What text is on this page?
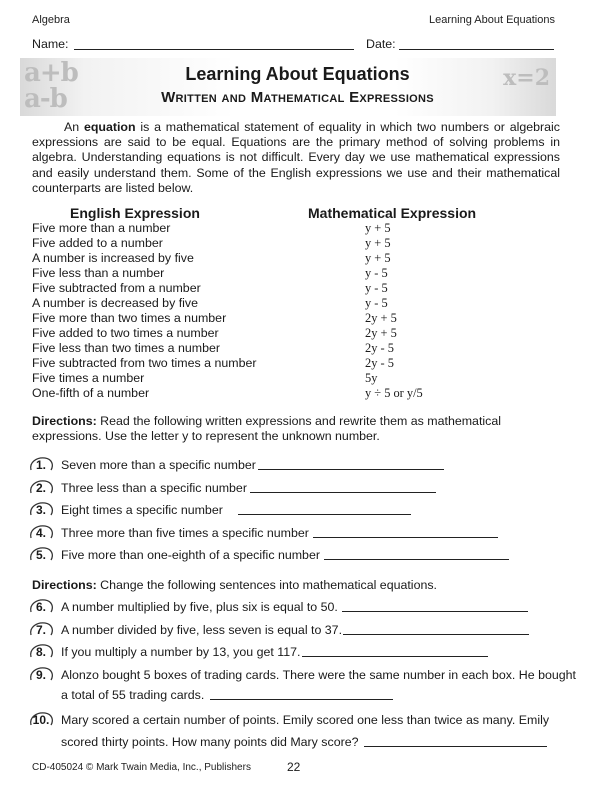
Algebra	Learning About Equations
Name:	Date:
a+b
a-b
x=2
Learning About Equations
Written and Mathematical Expressions
An equation is a mathematical statement of equality in which two numbers or algebraic expressions are said to be equal. Equations are the primary method of solving problems in algebra. Understanding equations is not difficult. Every day we use mathematical expressions and easily understand them. Some of the English expressions we use and their mathematical counterparts are listed below.
English Expression	Mathematical Expression
Five more than a number	y + 5
Five added to a number	y + 5
A number is increased by five	y + 5
Five less than a number	y - 5
Five subtracted from a number	y - 5
A number is decreased by five	y - 5
Five more than two times a number	2y + 5
Five added to two times a number	2y + 5
Five less than two times a number	2y - 5
Five subtracted from two times a number	2y - 5
Five times a number	5y
One-fifth of a number	y ÷ 5 or y/5
Directions: Read the following written expressions and rewrite them as mathematical expressions. Use the letter y to represent the unknown number.
1.	Seven more than a specific number
2.	Three less than a specific number
3.	Eight times a specific number
4.	Three more than five times a specific number
5.	Five more than one-eighth of a specific number
Directions: Change the following sentences into mathematical equations.
6.	A number multiplied by five, plus six is equal to 50.
7.	A number divided by five, less seven is equal to 37.
8.	If you multiply a number by 13, you get 117.
9.	Alonzo bought 5 boxes of trading cards. There were the same number in each box. He bought
a total of 55 trading cards.
10. Mary scored a certain number of points. Emily scored one less than twice as many. Emily
scored thirty points. How many points did Mary score?
CD-405024 © Mark Twain Media, Inc., Publishers	22
